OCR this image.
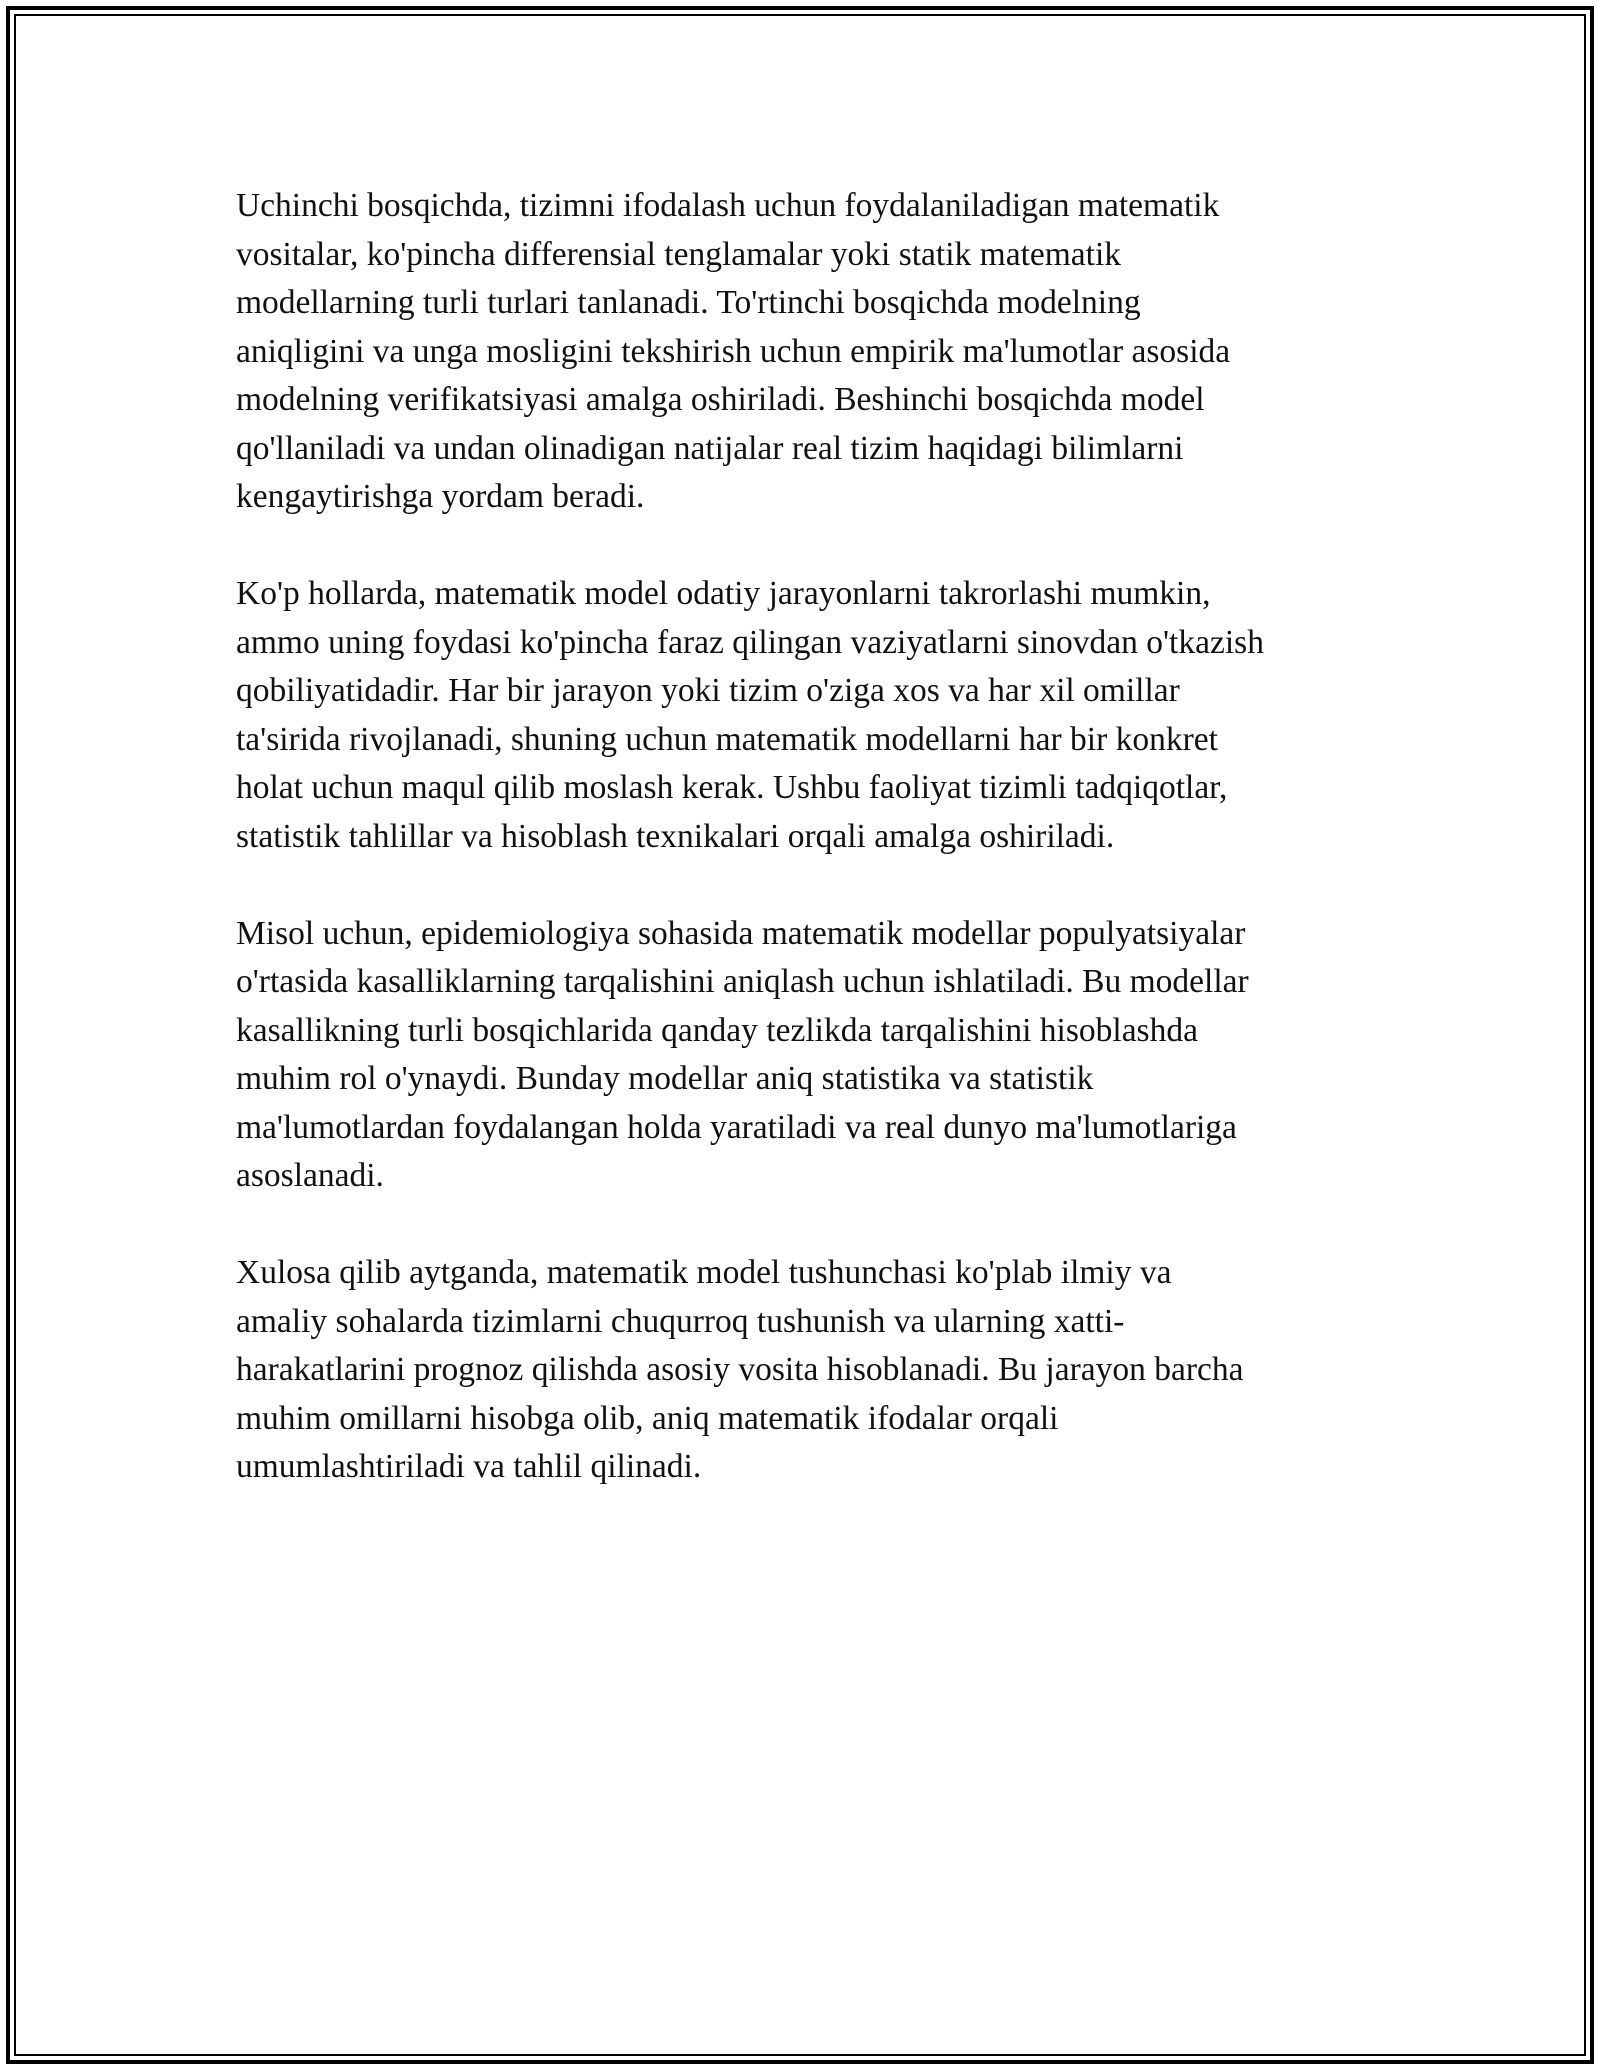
Uchinchi bosqichda, tizimni ifodalash uchun foydalaniladigan matematik
vositalar, ko'pincha differensial tenglamalar yoki statik matematik
modellarning turli turlari tanlanadi. To'rtinchi bosqichda modelning
aniqligini va unga mosligini tekshirish uchun empirik ma'lumotlar asosida
modelning verifikatsiyasi amalga oshiriladi. Beshinchi bosqichda model
qo'llaniladi va undan olinadigan natijalar real tizim haqidagi bilimlarni
kengaytirishga yordam beradi.

Ko'p hollarda, matematik model odatiy jarayonlarni takrorlashi mumkin,
ammo uning foydasi ko'pincha faraz qilingan vaziyatlarni sinovdan o'tkazish
qobiliyatidadir. Har bir jarayon yoki tizim o'ziga xos va har xil omillar
ta'sirida rivojlanadi, shuning uchun matematik modellarni har bir konkret
holat uchun maqul qilib moslash kerak. Ushbu faoliyat tizimli tadqiqotlar,
statistik tahlillar va hisoblash texnikalari orqali amalga oshiriladi.

Misol uchun, epidemiologiya sohasida matematik modellar populyatsiyalar
o'rtasida kasalliklarning tarqalishini aniqlash uchun ishlatiladi. Bu modellar
kasallikning turli bosqichlarida qanday tezlikda tarqalishini hisoblashda
muhim rol o'ynaydi. Bunday modellar aniq statistika va statistik
ma'lumotlardan foydalangan holda yaratiladi va real dunyo ma'lumotlariga
asoslanadi.

Xulosa qilib aytganda, matematik model tushunchasi ko'plab ilmiy va
amaliy sohalarda tizimlarni chuqurroq tushunish va ularning xatti-
harakatlarini prognoz qilishda asosiy vosita hisoblanadi. Bu jarayon barcha
muhim omillarni hisobga olib, aniq matematik ifodalar orqali
umumlashtiriladi va tahlil qilinadi.
